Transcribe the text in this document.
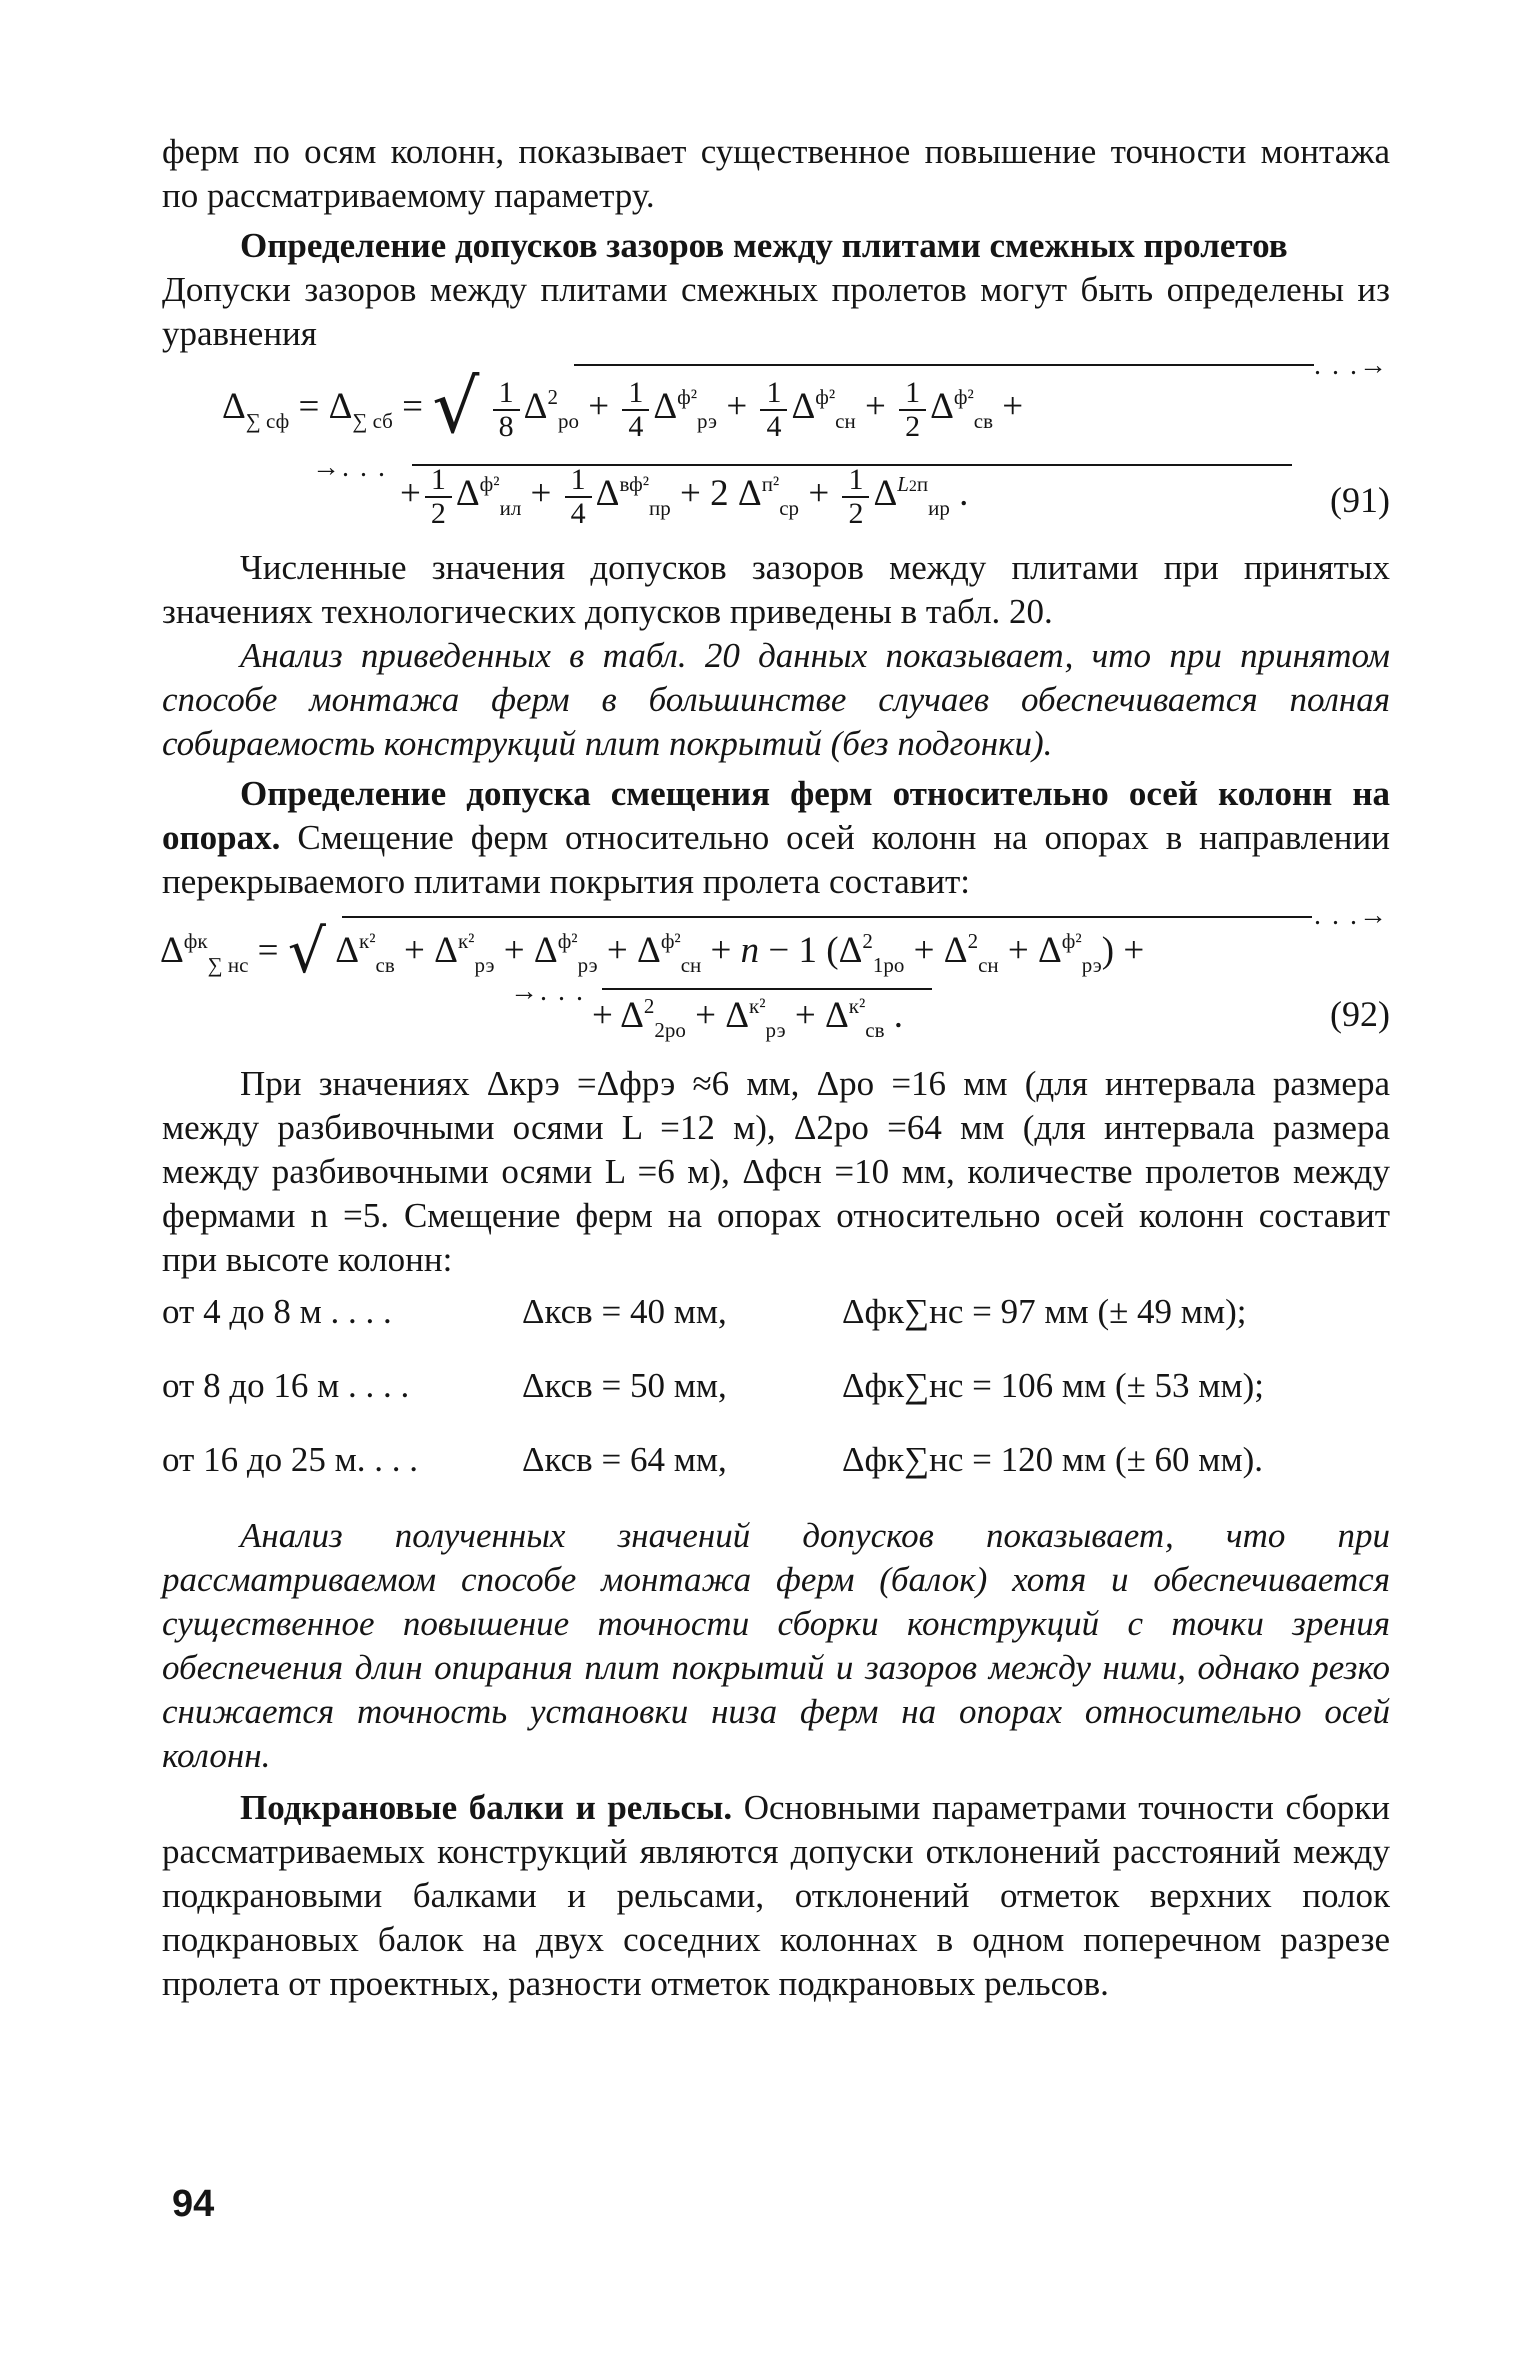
ферм по осям колонн, показывает существенное повышение точности монтажа по рассматриваемому параметру.

Определение допусков зазоров между плитами смежных пролетов

Допуски зазоров между плитами смежных пролетов могут быть определены из уравнения

$\Delta_{\sum сф} = \Delta_{\sum сб}$ = √ $\frac{1}{8} \Delta^2_{ро} + \frac{1}{4} \Delta^{ф^2}_{рэ} + \frac{1}{4} \Delta^{ф^2}_{сн} + \frac{1}{2} \Delta^{ф^2}_{св}$ +
. . .→
→. . .
+ $\frac{1}{2} \Delta^{ф^2}_{ил} + \frac{1}{4} \Delta^{вф^2}_{пр} + 2$ $\Delta^{п^2}_{ср} + \frac{1}{2} \Delta^{L2п}_{ир}$ .	(91)

Численные значения допусков зазоров между плитами при принятых значениях технологических допусков приведены в табл. 20.

Анализ приведенных в табл. 20 данных показывает, что при принятом способе монтажа ферм в большинстве случаев обеспечивается полная собираемость конструкций плит покрытий (без подгонки).

Определение допуска смещения ферм относительно осей колонн на опорах. Смещение ферм относительно осей колонн на опорах в направлении перекрываемого плитами покрытия пролета составит:

$\Delta^{фк}_{\sum нс}$ = √ $\Delta^{к^2}_{св} + \Delta^{к^2}_{рэ} + \Delta^{ф^2}_{рэ} + \Delta^{ф^2}_{сн} + n - 1$ $(\Delta^2_{1ро} + \Delta^2_{сн} + \Delta^{ф^2}_{рэ})$ +
. . .→
→. . .
+ $\Delta^2_{2ро} + \Delta^{к^2}_{рэ} + \Delta^{к^2}_{св}$ .	(92)

При значениях Δкрэ =Δфрэ ≈6 мм, Δро =16 мм (для интервала размера между разбивочными осями L =12 м), Δ2ро =64 мм (для интервала размера между разбивочными осями L =6 м), Δфсн =10 мм, количестве пролетов между фермами n =5. Смещение ферм на опорах относительно осей колонн составит при высоте колонн:

от 4 до 8 м . . . .	Δксв = 40 мм,	Δфк∑нс = 97 мм (± 49 мм);
от 8 до 16 м . . . .	Δксв = 50 мм,	Δфк∑нс = 106 мм (± 53 мм);
от 16 до 25 м. . . .	Δксв = 64 мм,	Δфк∑нс = 120 мм (± 60 мм).

Анализ полученных значений допусков показывает, что при рассматриваемом способе монтажа ферм (балок) хотя и обеспечивается существенное повышение точности сборки конструкций с точки зрения обеспечения длин опирания плит покрытий и зазоров между ними, однако резко снижается точность установки низа ферм на опорах относительно осей колонн.

Подкрановые балки и рельсы. Основными параметрами точности сборки рассматриваемых конструкций являются допуски отклонений расстояний между подкрановыми балками и рельсами, отклонений отметок верхних полок подкрановых балок на двух соседних колоннах в одном поперечном разрезе пролета от проектных, разности отметок подкрановых рельсов.

94
